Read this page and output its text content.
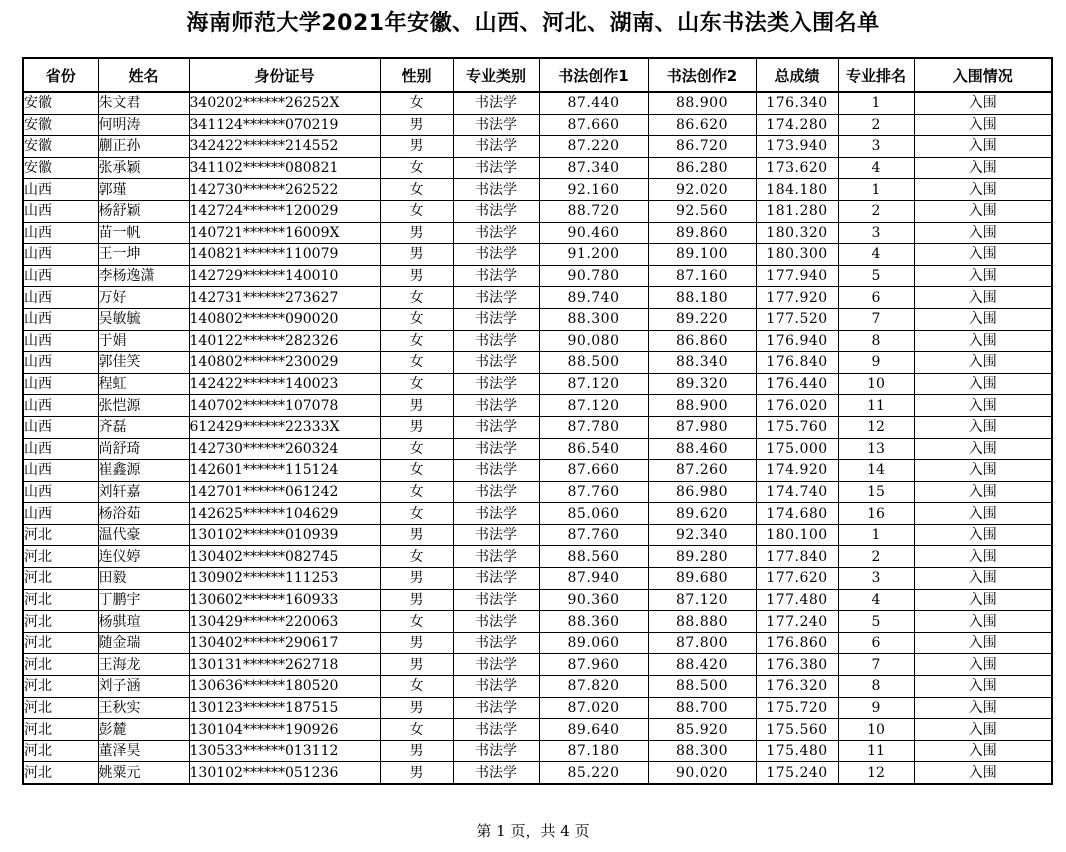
海南师范大学2021年安徽、山西、河北、湖南、山东书法类入围名单
省份	姓名	身份证号	性别	专业类别	书法创作1	书法创作2	总成绩	专业排名	入围情况
安徽	朱文君	340202******26252X	女	书法学	87.440	88.900	176.340	1	入围
安徽	何明涛	341124******070219	男	书法学	87.660	86.620	174.280	2	入围
安徽	蒯正孙	342422******214552	男	书法学	87.220	86.720	173.940	3	入围
安徽	张承颖	341102******080821	女	书法学	87.340	86.280	173.620	4	入围
山西	郭瑾	142730******262522	女	书法学	92.160	92.020	184.180	1	入围
山西	杨舒颖	142724******120029	女	书法学	88.720	92.560	181.280	2	入围
山西	苗一帆	140721******16009X	男	书法学	90.460	89.860	180.320	3	入围
山西	王一坤	140821******110079	男	书法学	91.200	89.100	180.300	4	入围
山西	李杨逸潇	142729******140010	男	书法学	90.780	87.160	177.940	5	入围
山西	万好	142731******273627	女	书法学	89.740	88.180	177.920	6	入围
山西	吴敏毓	140802******090020	女	书法学	88.300	89.220	177.520	7	入围
山西	于娟	140122******282326	女	书法学	90.080	86.860	176.940	8	入围
山西	郭佳笑	140802******230029	女	书法学	88.500	88.340	176.840	9	入围
山西	程虹	142422******140023	女	书法学	87.120	89.320	176.440	10	入围
山西	张恺源	140702******107078	男	书法学	87.120	88.900	176.020	11	入围
山西	齐磊	612429******22333X	男	书法学	87.780	87.980	175.760	12	入围
山西	尚舒琦	142730******260324	女	书法学	86.540	88.460	175.000	13	入围
山西	崔鑫源	142601******115124	女	书法学	87.660	87.260	174.920	14	入围
山西	刘轩嘉	142701******061242	女	书法学	87.760	86.980	174.740	15	入围
山西	杨浴茹	142625******104629	女	书法学	85.060	89.620	174.680	16	入围
河北	温代豪	130102******010939	男	书法学	87.760	92.340	180.100	1	入围
河北	连仪婷	130402******082745	女	书法学	88.560	89.280	177.840	2	入围
河北	田毅	130902******111253	男	书法学	87.940	89.680	177.620	3	入围
河北	丁鹏宇	130602******160933	男	书法学	90.360	87.120	177.480	4	入围
河北	杨骐瑄	130429******220063	女	书法学	88.360	88.880	177.240	5	入围
河北	随金瑞	130402******290617	男	书法学	89.060	87.800	176.860	6	入围
河北	王海龙	130131******262718	男	书法学	87.960	88.420	176.380	7	入围
河北	刘子涵	130636******180520	女	书法学	87.820	88.500	176.320	8	入围
河北	王秋实	130123******187515	男	书法学	87.020	88.700	175.720	9	入围
河北	彭麓	130104******190926	女	书法学	89.640	85.920	175.560	10	入围
河北	董泽昊	130533******013112	男	书法学	87.180	88.300	175.480	11	入围
河北	姚粟元	130102******051236	男	书法学	85.220	90.020	175.240	12	入围
第 1 页，共 4 页
